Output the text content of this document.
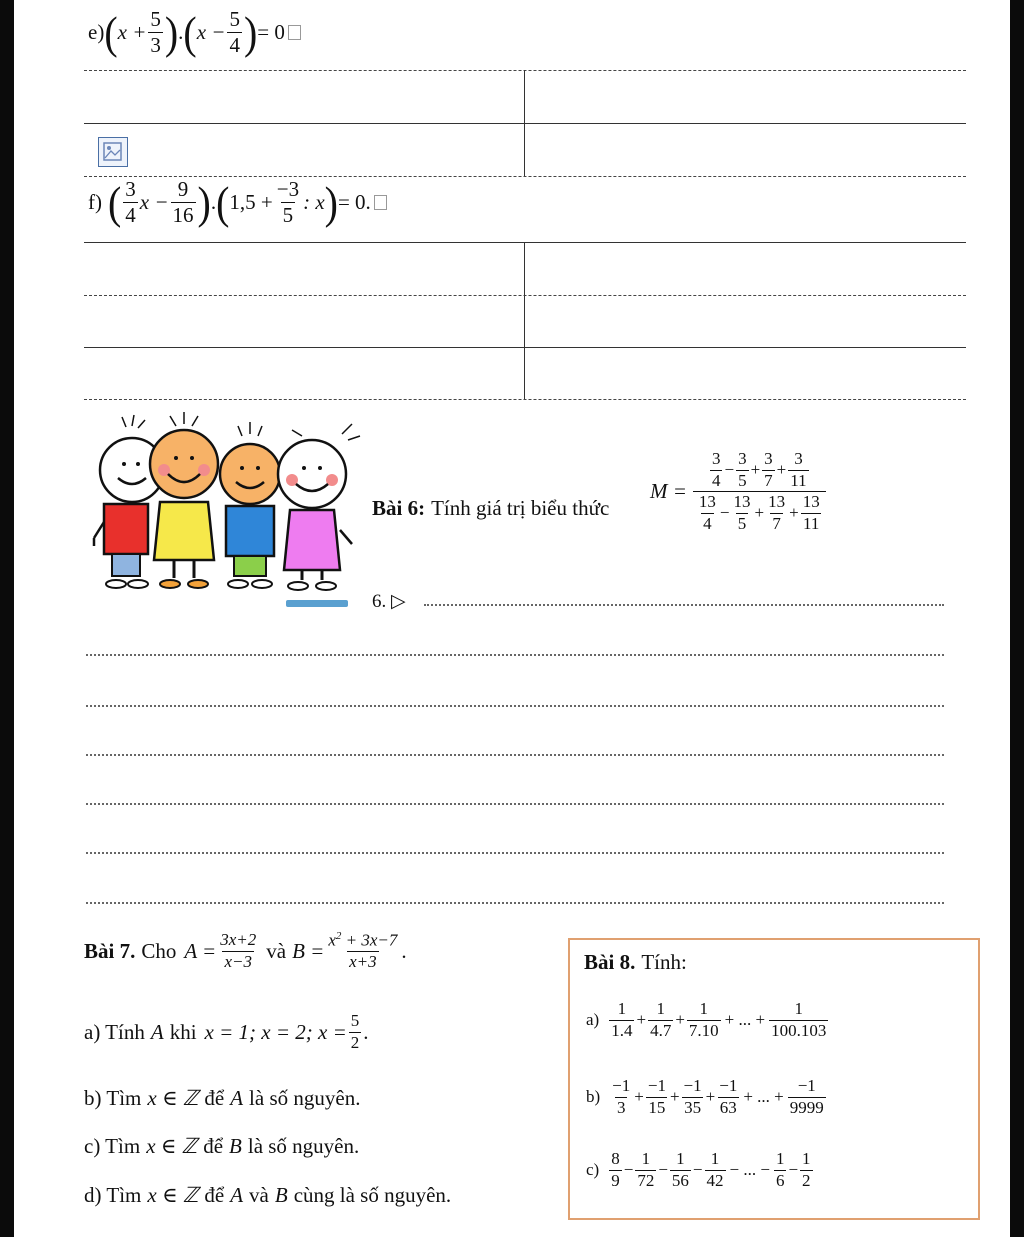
e) ( $x + \frac{5}{3}$ ) . ( $x - \frac{5}{4}$ ) = 0
f) ( $\frac{3}{4}$ $x - \frac{9}{16}$ ) . ( $1,5 + \frac{-3}{5}$ : x ) = 0.
Bài 6: Tính giá trị biểu thức
$M = \frac{\frac{3}{4} - \frac{3}{5} + \frac{3}{7} + \frac{3}{11}}{\frac{13}{4} - \frac{13}{5} + \frac{13}{7} + \frac{13}{11}}$
6. ▷
Bài 7. Cho $A = \frac{3x+2}{x-3}$ và $B = \frac{x^2 + 3x-7}{x+3}$ .
a) Tính A khi x = 1; x = 2; $x = \frac{5}{2}$ .
b) Tìm x ∈ ℤ để A là số nguyên.
c) Tìm x ∈ ℤ để B là số nguyên.
d) Tìm x ∈ ℤ để A và B cùng là số nguyên.
Bài 8. Tính:
$a) \frac{1}{1.4} + \frac{1}{4.7} + \frac{1}{7.10}$ + ... + $\frac{1}{100.103}$
$b) \frac{-1}{3} + \frac{-1}{15} + \frac{-1}{35} + \frac{-1}{63}$ + ... + $\frac{-1}{9999}$
$c) \frac{8}{9} - \frac{1}{72} - \frac{1}{56} - \frac{1}{42}$ − ... − $\frac{1}{6} - \frac{1}{2}$
